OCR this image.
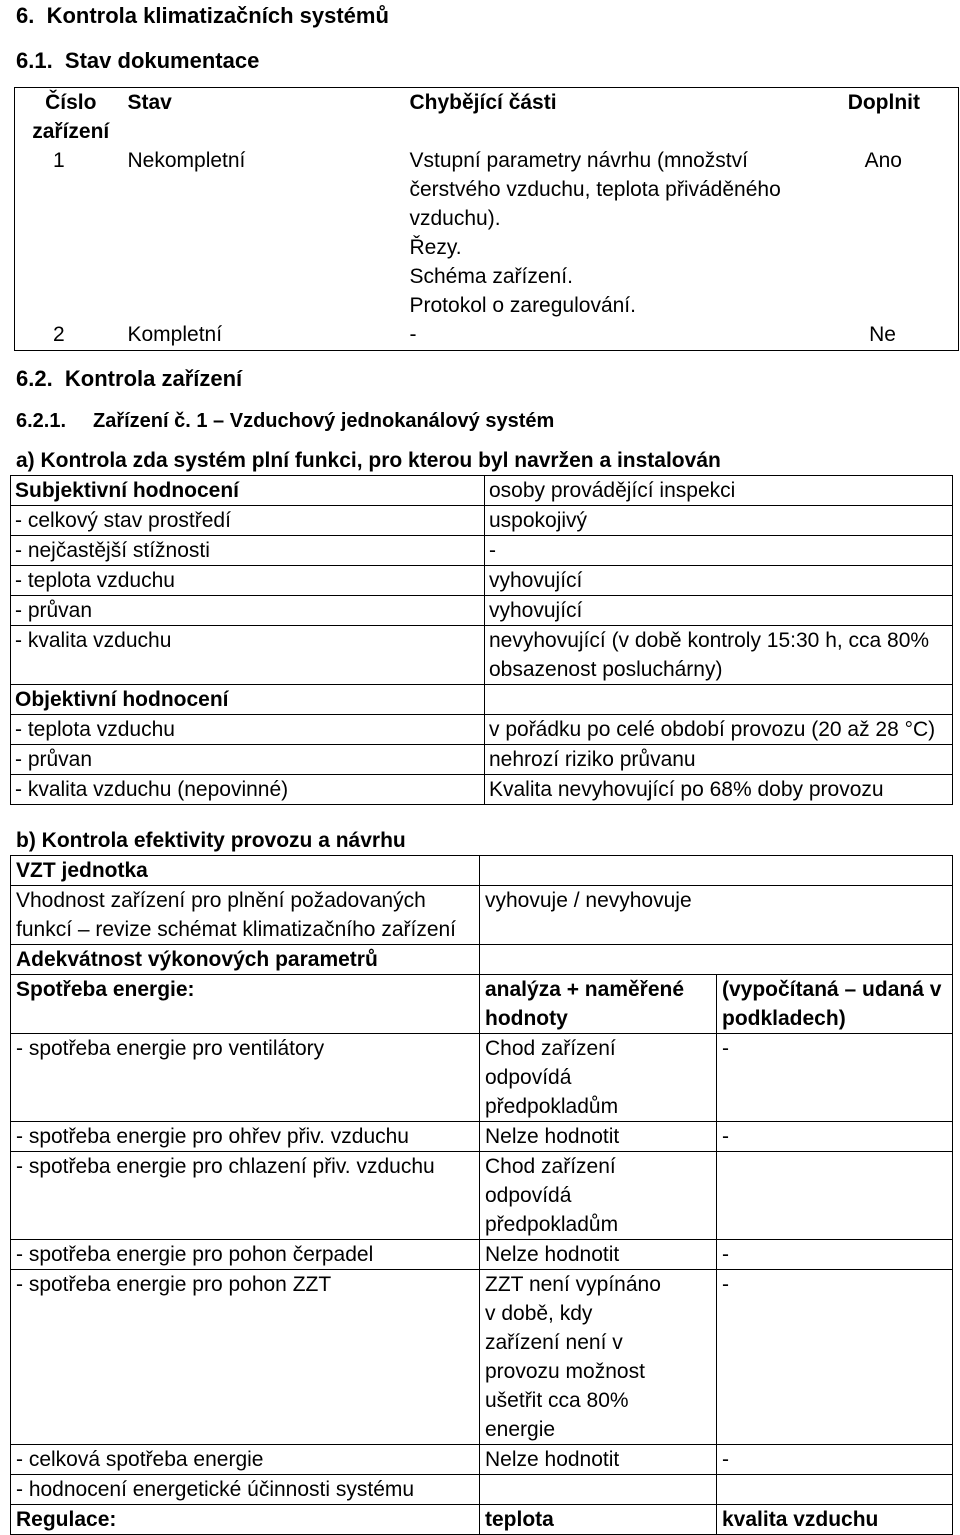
6.  Kontrola klimatizačních systémů
6.1.  Stav dokumentace
Číslo zařízení	Stav	Chybějící části	Doplnit
1	Nekompletní	Vstupní parametry návrhu (množství čerstvého vzduchu, teplota přiváděného vzduchu).
Řezy.
Schéma zařízení.
Protokol o zaregulování.	Ano
2	Kompletní	-	Ne
6.2.  Kontrola zařízení
6.2.1. Zařízení č. 1 – Vzduchový jednokanálový systém
a) Kontrola zda systém plní funkci, pro kterou byl navržen a instalován
Subjektivní hodnocení	osoby provádějící inspekci
- celkový stav prostředí	uspokojivý
- nejčastější stížnosti	-
- teplota vzduchu	vyhovující
- průvan	vyhovující
- kvalita vzduchu	nevyhovující (v době kontroly 15:30 h, cca 80% obsazenost posluchárny)
Objektivní hodnocení	
- teplota vzduchu	v pořádku po celé období provozu (20 až 28 °C)
- průvan	nehrozí riziko průvanu
- kvalita vzduchu (nepovinné)	Kvalita nevyhovující po 68% doby provozu
b) Kontrola efektivity provozu a návrhu
VZT jednotka		
Vhodnost zařízení pro plnění požadovaných funkcí – revize schémat klimatizačního zařízení	vyhovuje / nevyhovuje	
Adekvátnost výkonových parametrů		
Spotřeba energie:	analýza + naměřené hodnoty	(vypočítaná – udaná v podkladech)
- spotřeba energie pro ventilátory	Chod zařízení odpovídá předpokladům	-
- spotřeba energie pro ohřev přiv. vzduchu	Nelze hodnotit	-
- spotřeba energie pro chlazení přiv. vzduchu	Chod zařízení odpovídá předpokladům	
- spotřeba energie pro pohon čerpadel	Nelze hodnotit	-
- spotřeba energie pro pohon ZZT	ZZT není vypínáno v době, kdy zařízení není v provozu možnost ušetřit cca 80% energie	-
- celková spotřeba energie	Nelze hodnotit	-
- hodnocení energetické účinnosti systému		
Regulace:	teplota	kvalita vzduchu
